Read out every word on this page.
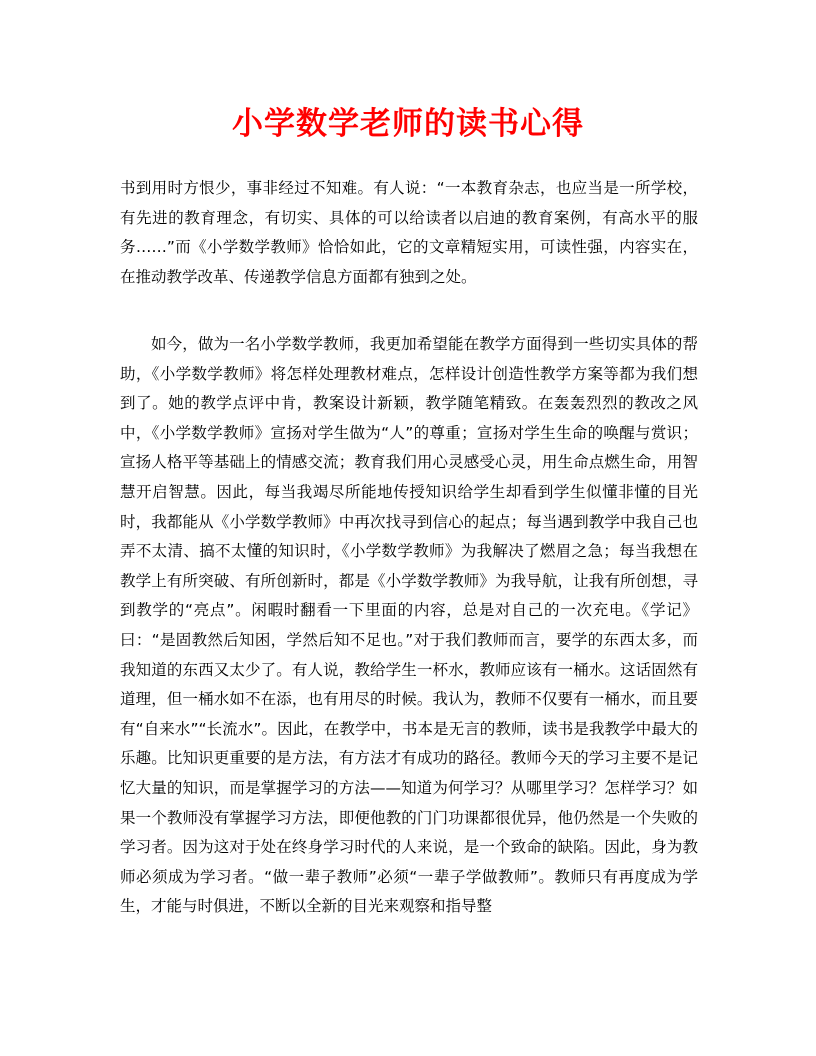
小学数学老师的读书心得

书到用时方恨少，事非经过不知难。有人说：“一本教育杂志，也应当是一所学校，有先进的教育理念，有切实、具体的可以给读者以启迪的教育案例，有高水平的服务……”而《小学数学教师》恰恰如此，它的文章精短实用，可读性强，内容实在，在推动教学改革、传递教学信息方面都有独到之处。

如今，做为一名小学数学教师，我更加希望能在教学方面得到一些切实具体的帮助，《小学数学教师》将怎样处理教材难点，怎样设计创造性教学方案等都为我们想到了。她的教学点评中肯，教案设计新颖，教学随笔精致。在轰轰烈烈的教改之风中，《小学数学教师》宣扬对学生做为“人”的尊重；宣扬对学生生命的唤醒与赏识；宣扬人格平等基础上的情感交流；教育我们用心灵感受心灵，用生命点燃生命，用智慧开启智慧。因此，每当我竭尽所能地传授知识给学生却看到学生似懂非懂的目光时，我都能从《小学数学教师》中再次找寻到信心的起点；每当遇到教学中我自己也弄不太清、搞不太懂的知识时，《小学数学教师》为我解决了燃眉之急；每当我想在教学上有所突破、有所创新时，都是《小学数学教师》为我导航，让我有所创想，寻到教学的“亮点”。闲暇时翻看一下里面的内容，总是对自己的一次充电。《学记》曰：“是固教然后知困，学然后知不足也。”对于我们教师而言，要学的东西太多，而我知道的东西又太少了。有人说，教给学生一杯水，教师应该有一桶水。这话固然有道理，但一桶水如不在添，也有用尽的时候。我认为，教师不仅要有一桶水，而且要有“自来水”“长流水”。因此，在教学中，书本是无言的教师，读书是我教学中最大的乐趣。比知识更重要的是方法，有方法才有成功的路径。教师今天的学习主要不是记忆大量的知识，而是掌握学习的方法——知道为何学习？从哪里学习？怎样学习？如果一个教师没有掌握学习方法，即便他教的门门功课都很优异，他仍然是一个失败的学习者。因为这对于处在终身学习时代的人来说，是一个致命的缺陷。因此，身为教师必须成为学习者。“做一辈子教师”必须“一辈子学做教师”。教师只有再度成为学生，才能与时俱进，不断以全新的目光来观察和指导整
